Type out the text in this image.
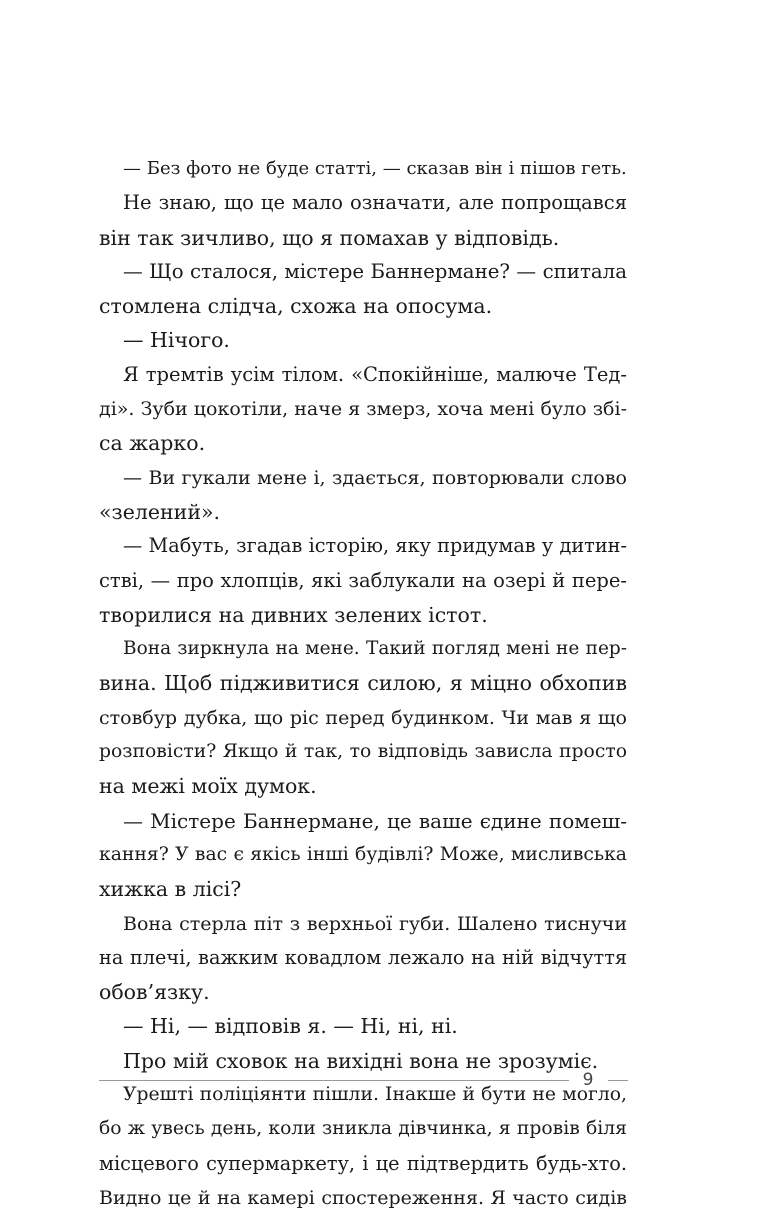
— Без фото не буде статті, — сказав він і пішов геть.
Не знаю, що це мало означати, але попрощався
він так зичливо, що я помахав у відповідь.
— Що сталося, містере Баннермане? — спитала
стомлена слідча, схожа на опосума.
— Нічого.
Я тремтів усім тілом. «Спокійніше, малюче Тед-
ді». Зуби цокотіли, наче я змерз, хоча мені було збі-
са жарко.
— Ви гукали мене і, здається, повторювали слово
«зелений».
— Мабуть, згадав історію, яку придумав у дитин-
стві, — про хлопців, які заблукали на озері й пере-
творилися на дивних зелених істот.
Вона зиркнула на мене. Такий погляд мені не пер-
вина. Щоб підживитися силою, я міцно обхопив
стовбур дубка, що ріс перед будинком. Чи мав я що
розповісти? Якщо й так, то відповідь зависла просто
на межі моїх думок.
— Містере Баннермане, це ваше єдине помеш-
кання? У вас є якісь інші будівлі? Може, мисливська
хижка в лісі?
Вона стерла піт з верхньої губи. Шалено тиснучи
на плечі, важким ковадлом лежало на ній відчуття
обов’язку.
— Ні, — відповів я. — Ні, ні, ні.
Про мій сховок на вихідні вона не зрозуміє.
Урешті поліціянти пішли. Інакше й бути не могло,
бо ж увесь день, коли зникла дівчинка, я провів біля
місцевого супермаркету, і це підтвердить будь-хто.
Видно це й на камері спостереження. Я часто сидів
9
